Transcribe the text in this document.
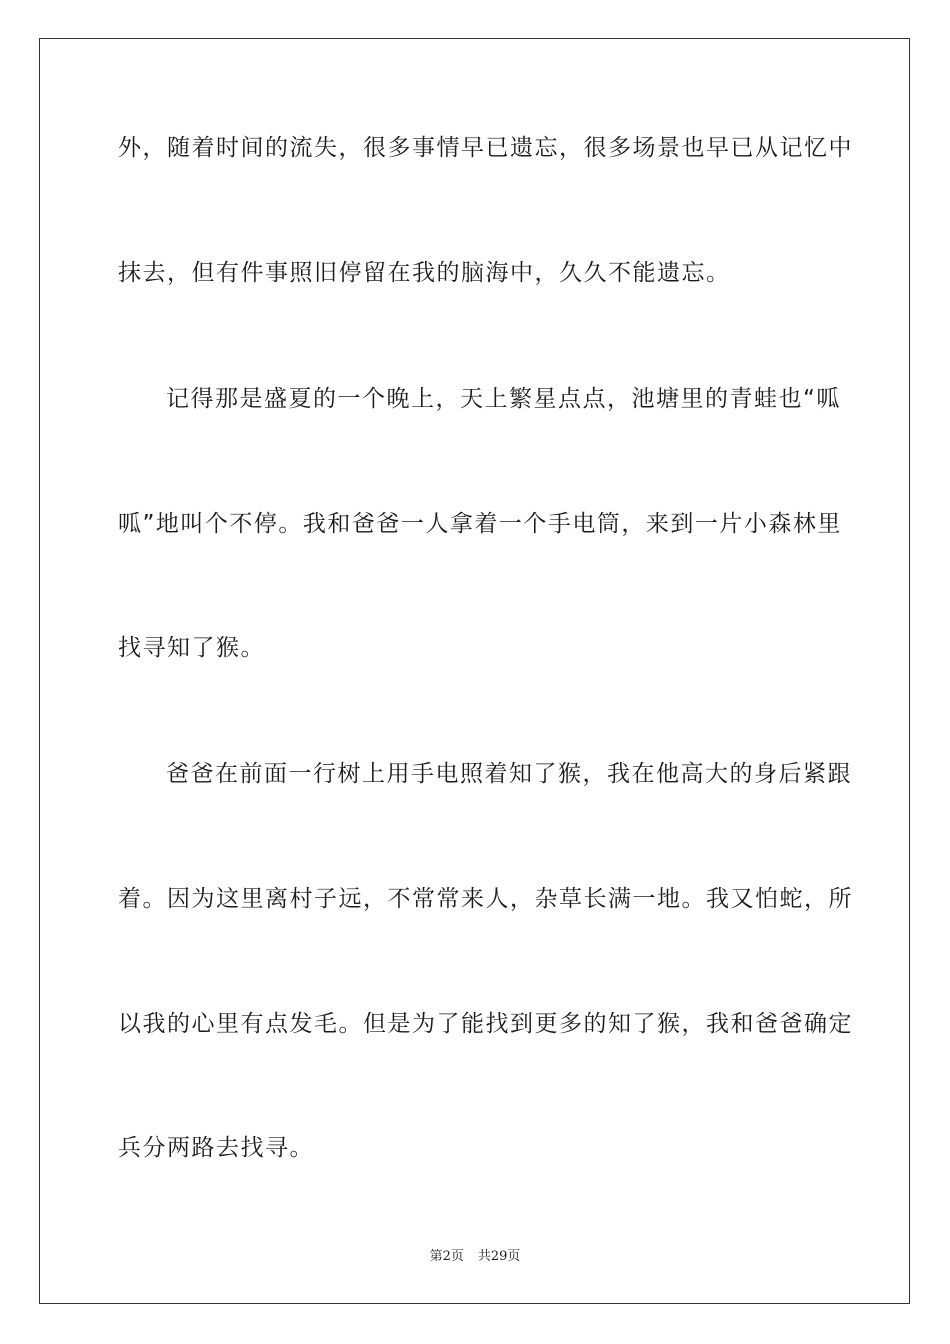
外，随着时间的流失，很多事情早已遗忘，很多场景也早已从记忆中
抹去，但有件事照旧停留在我的脑海中，久久不能遗忘。
记得那是盛夏的一个晚上，天上繁星点点，池塘里的青蛙也“呱
呱”地叫个不停。我和爸爸一人拿着一个手电筒，来到一片小森林里
找寻知了猴。
爸爸在前面一行树上用手电照着知了猴，我在他高大的身后紧跟
着。因为这里离村子远，不常常来人，杂草长满一地。我又怕蛇，所
以我的心里有点发毛。但是为了能找到更多的知了猴，我和爸爸确定
兵分两路去找寻。
第2页 共29页
